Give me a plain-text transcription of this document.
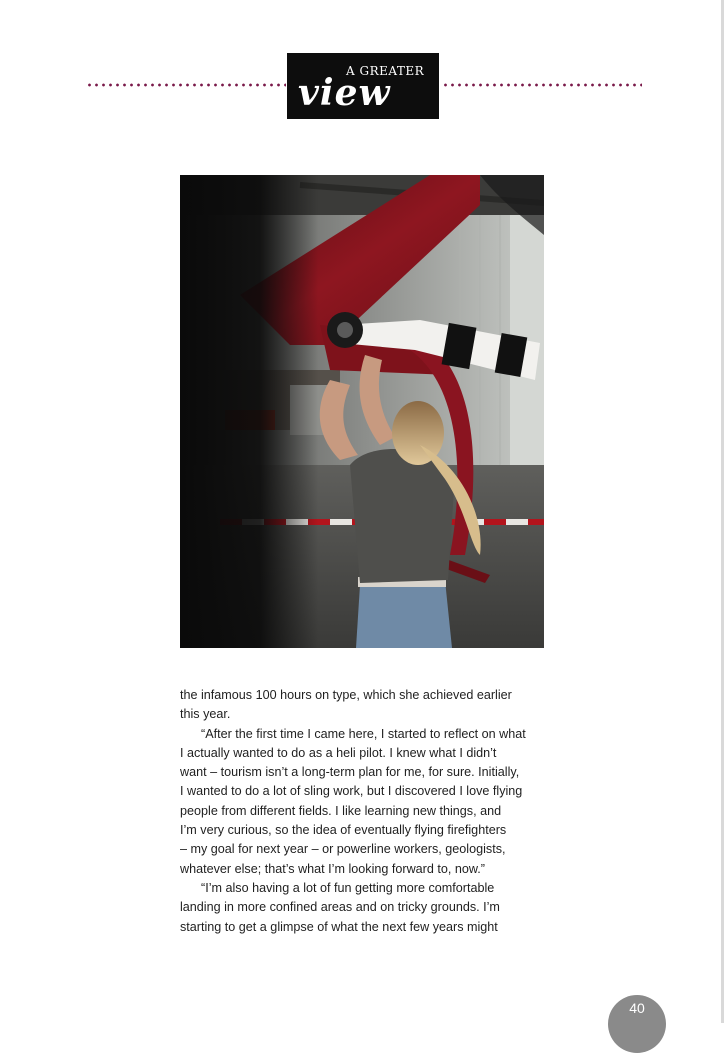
A GREATER
view

the infamous 100 hours on type, which she achieved earlier

this year.

“After the first time I came here, I started to reflect on what

I actually wanted to do as a heli pilot. I knew what I didn’t

want – tourism isn’t a long-term plan for me, for sure. Initially,

I wanted to do a lot of sling work, but I discovered I love flying

people from different fields. I like learning new things, and

I’m very curious, so the idea of eventually flying firefighters

– my goal for next year – or powerline workers, geologists,

whatever else; that’s what I’m looking forward to, now.”

“I’m also having a lot of fun getting more comfortable

landing in more confined areas and on tricky grounds. I’m

starting to get a glimpse of what the next few years might

40
